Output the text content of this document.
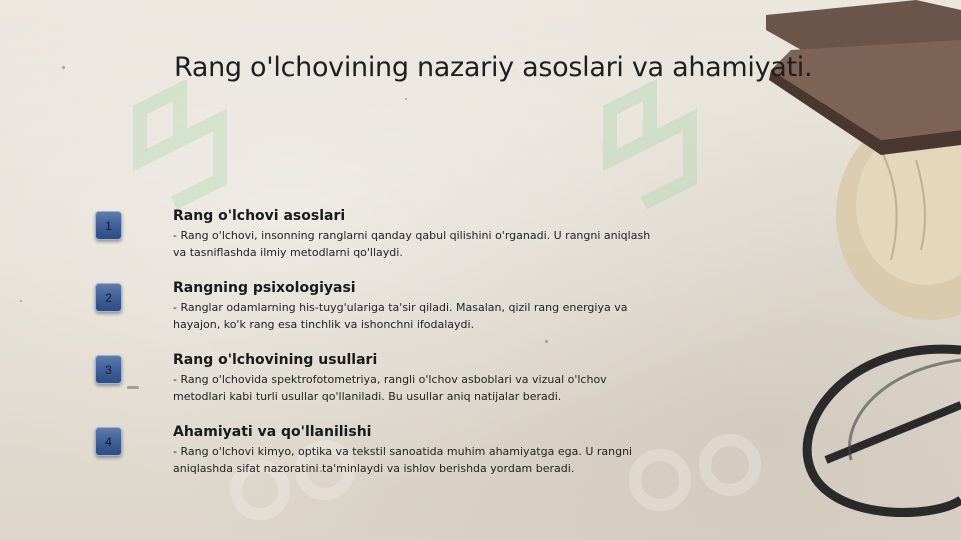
Rang o'lchovining nazariy asoslari va ahamiyati.
1
Rang o'lchovi asoslari
- Rang o'lchovi, insonning ranglarni qanday qabul qilishini o'rganadi. U rangni aniqlash va tasniflashda ilmiy metodlarni qo'llaydi.
2
Rangning psixologiyasi
- Ranglar odamlarning his-tuyg'ulariga ta'sir qiladi. Masalan, qizil rang energiya va hayajon, ko'k rang esa tinchlik va ishonchni ifodalaydi.
3
Rang o'lchovining usullari
- Rang o'lchovida spektrofotometriya, rangli o'lchov asboblari va vizual o'lchov metodlari kabi turli usullar qo'llaniladi. Bu usullar aniq natijalar beradi.
4
Ahamiyati va qo'llanilishi
- Rang o'lchovi kimyo, optika va tekstil sanoatida muhim ahamiyatga ega. U rangni aniqlashda sifat nazoratini ta'minlaydi va ishlov berishda yordam beradi.
